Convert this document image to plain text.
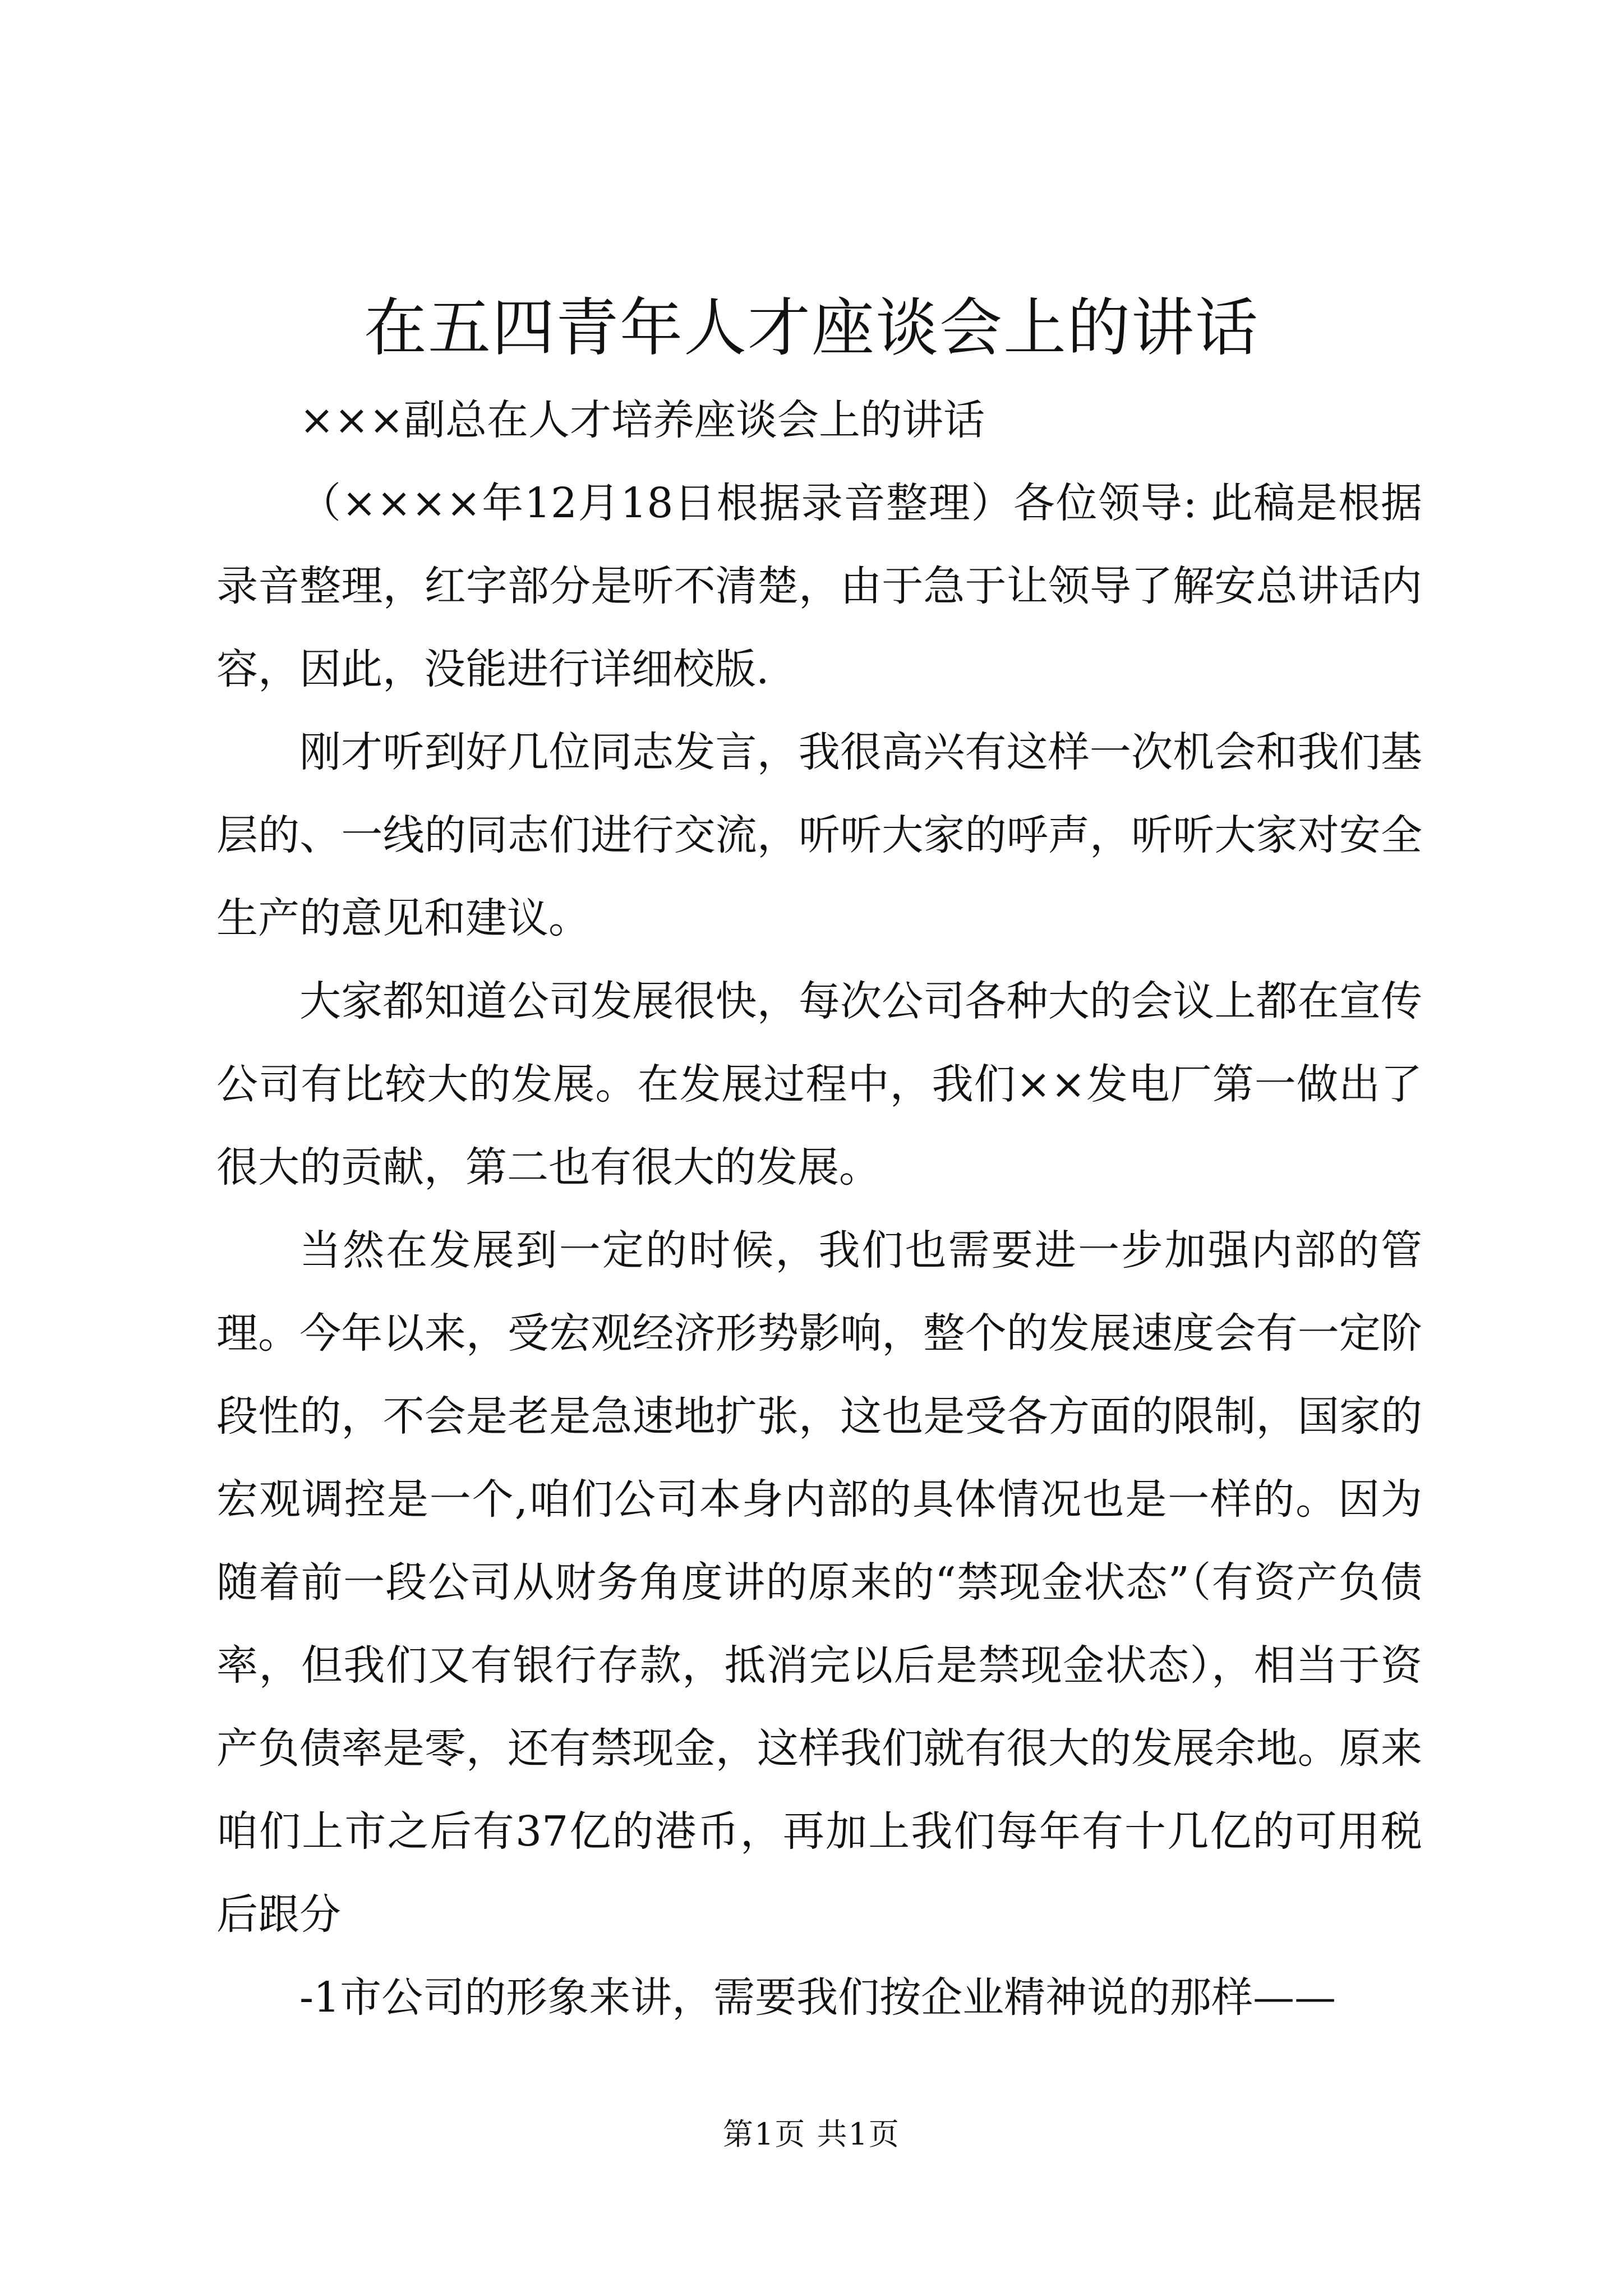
在五四青年人才座谈会上的讲话

×××副总在人才培养座谈会上的讲话

（××××年12月18日根据录音整理）各位领导: 此稿是根据录音整理，红字部分是听不清楚，由于急于让领导了解安总讲话内容，因此，没能进行详细校版.

刚才听到好几位同志发言，我很高兴有这样一次机会和我们基层的、一线的同志们进行交流，听听大家的呼声，听听大家对安全生产的意见和建议。

大家都知道公司发展很快，每次公司各种大的会议上都在宣传公司有比较大的发展。在发展过程中，我们××发电厂第一做出了很大的贡献，第二也有很大的发展。

当然在发展到一定的时候，我们也需要进一步加强内部的管理。今年以来，受宏观经济形势影响，整个的发展速度会有一定阶段性的，不会是老是急速地扩张，这也是受各方面的限制，国家的宏观调控是一个,咱们公司本身内部的具体情况也是一样的。因为随着前一段公司从财务角度讲的原来的“禁现金状态”（有资产负债率，但我们又有银行存款，抵消完以后是禁现金状态），相当于资产负债率是零，还有禁现金，这样我们就有很大的发展余地。原来咱们上市之后有37亿的港币，再加上我们每年有十几亿的可用税后跟分

-1市公司的形象来讲，需要我们按企业精神说的那样——

第1页 共1页
